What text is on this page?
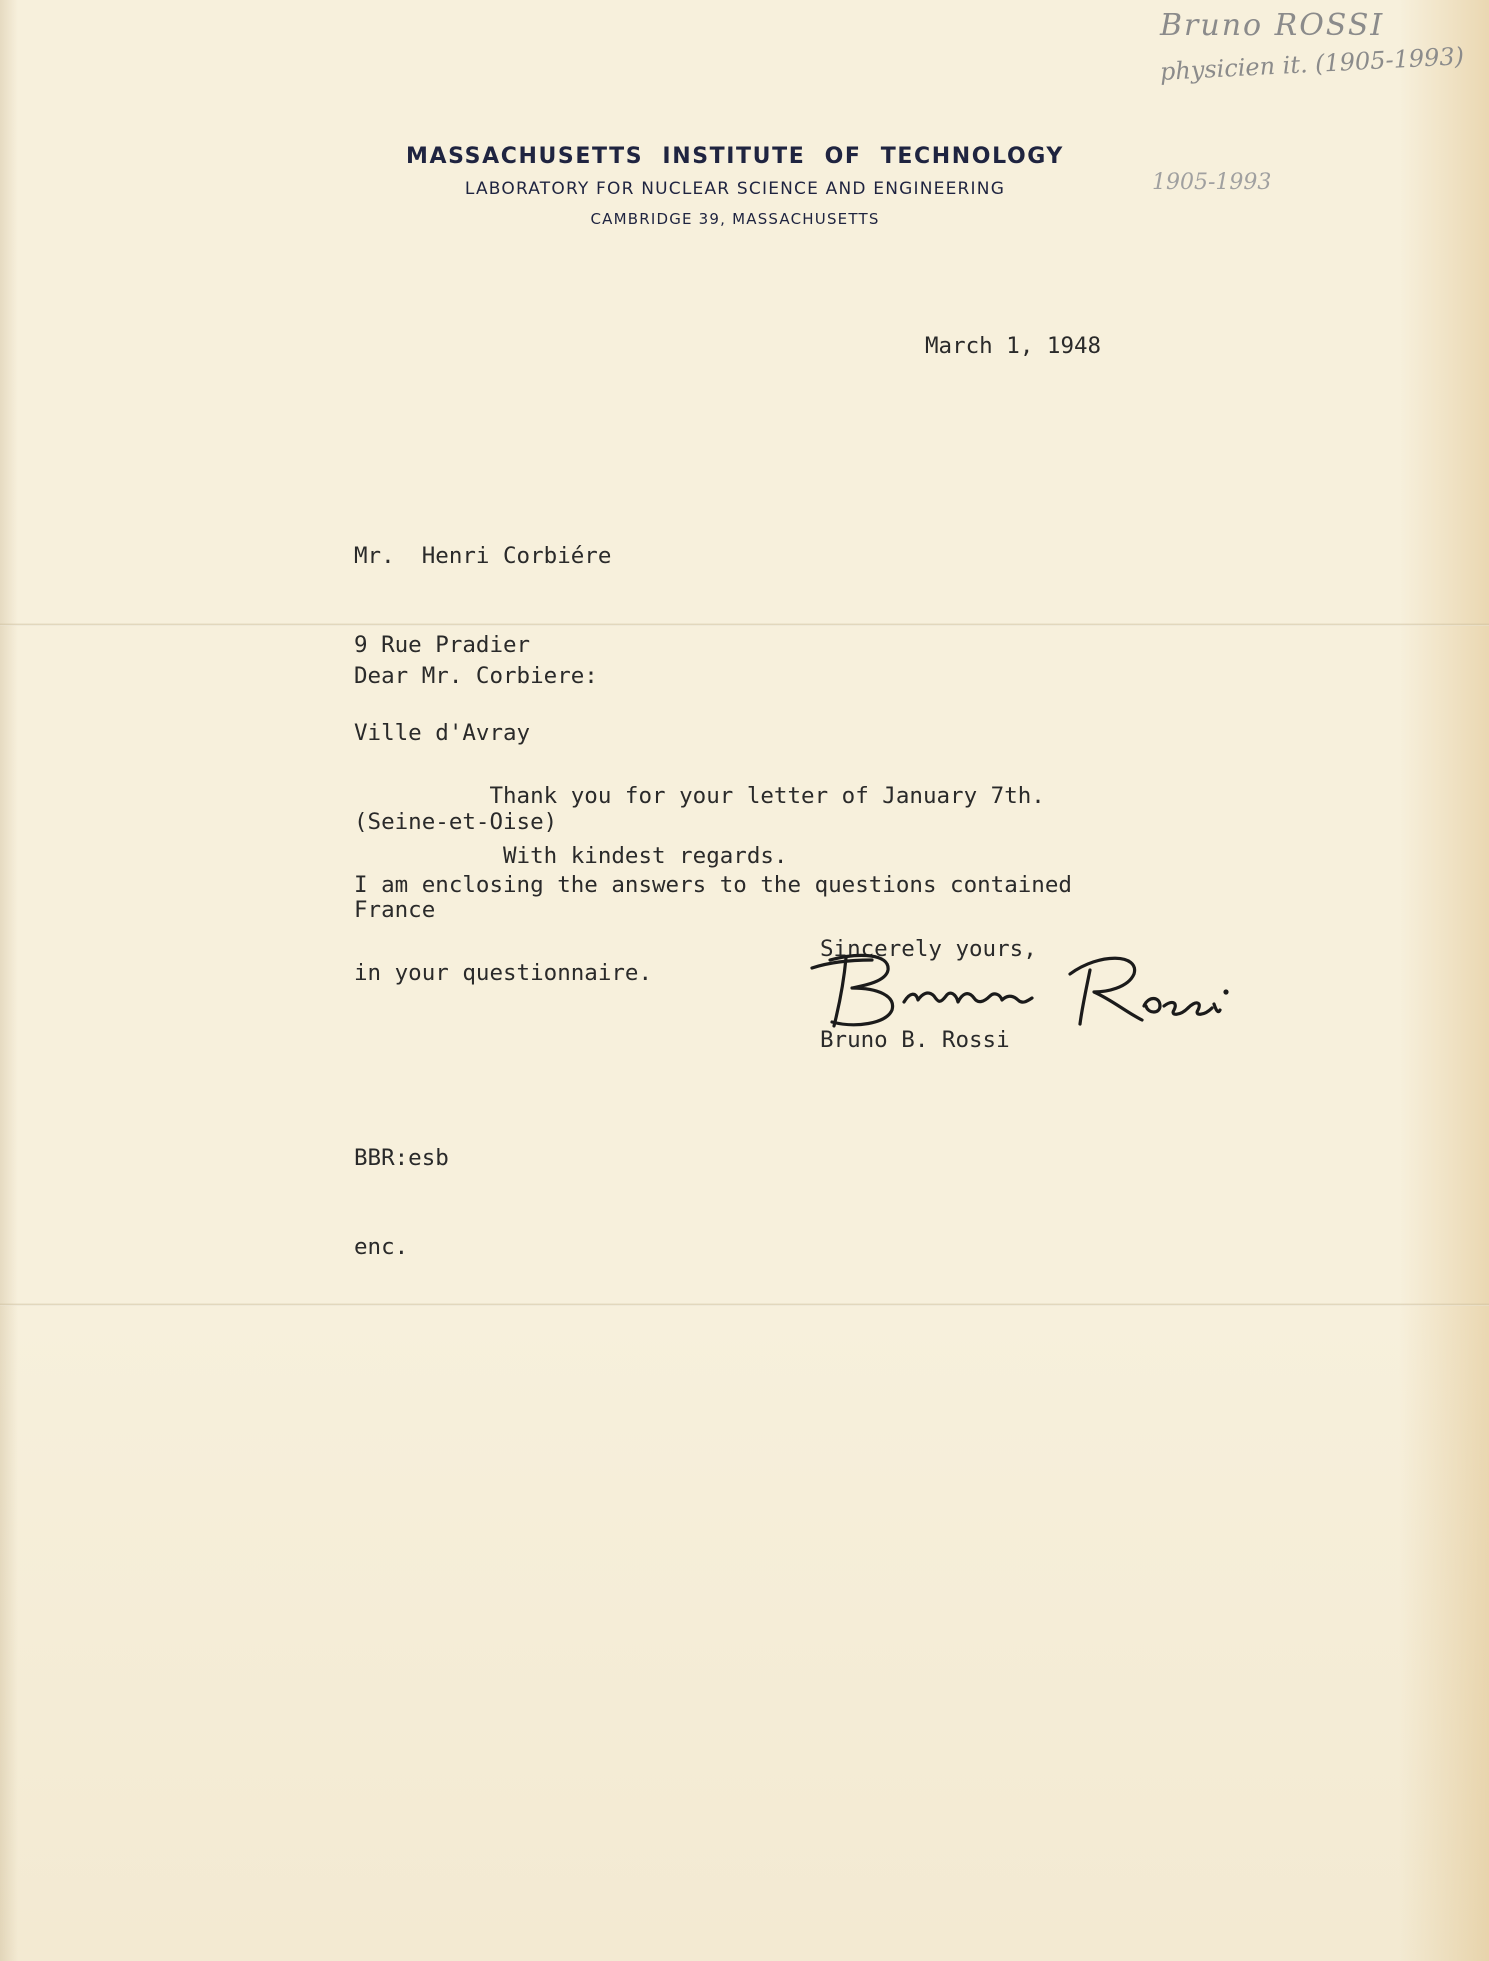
Bruno ROSSI
physicien it. (1905-1993)
1905-1993
MASSACHUSETTS INSTITUTE OF TECHNOLOGY
LABORATORY FOR NUCLEAR SCIENCE AND ENGINEERING
CAMBRIDGE 39, MASSACHUSETTS
March 1, 1948

Mr.  Henri Corbiére

9 Rue Pradier

Ville d'Avray

(Seine-et-Oise)

France

Dear Mr. Corbiere:

Thank you for your letter of January 7th.

I am enclosing the answers to the questions contained

in your questionnaire.

With kindest regards.
Sincerely yours,
Bruno B. Rossi

BBR:esb

enc.
